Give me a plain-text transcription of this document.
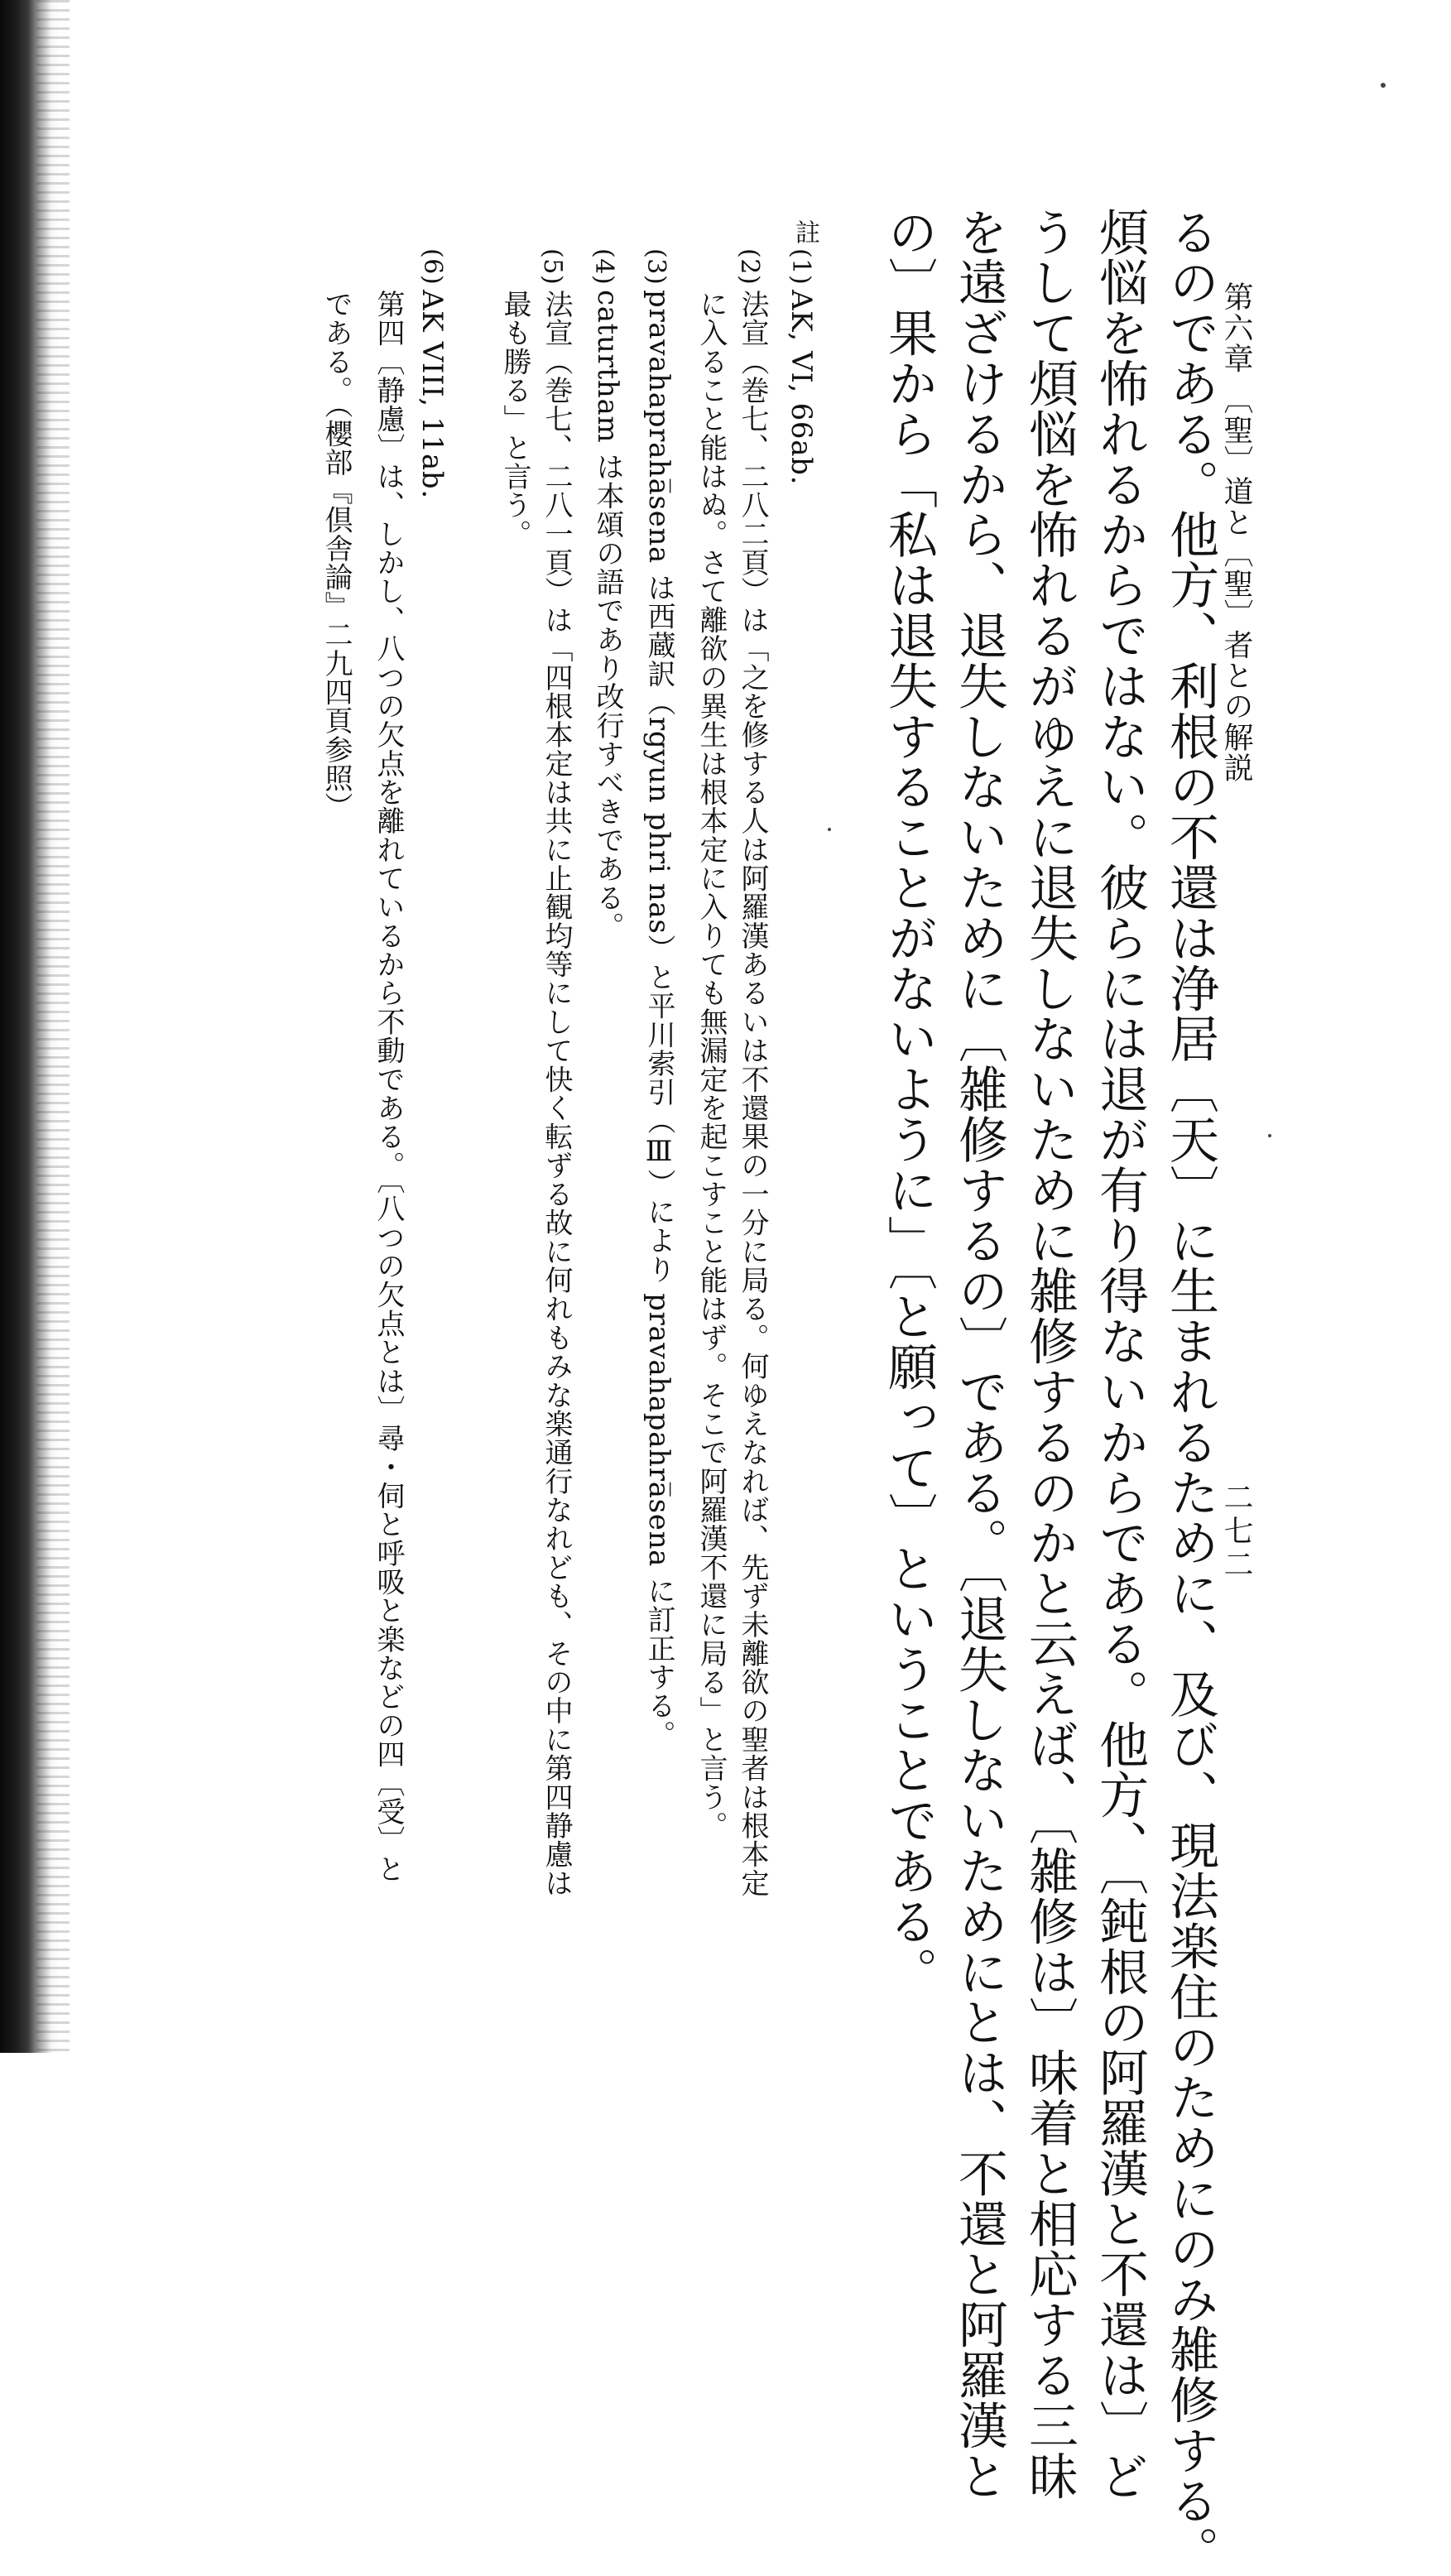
第六章 〔聖〕道と〔聖〕者との解説
二七二
るのである。他方、利根の不還は浄居〔天〕に生まれるために、及び、現法楽住のためにのみ雑修する。
煩悩を怖れるからではない。彼らには退が有り得ないからである。他方、〔鈍根の阿羅漢と不還は〕ど
うして煩悩を怖れるがゆえに退失しないために雑修するのかと云えば、〔雑修は〕味着と相応する三昧
を遠ざけるから、退失しないために〔雑修するの〕である。〔退失しないためにとは、不還と阿羅漢と
の〕果から「私は退失することがないように」〔と願って〕ということである。
註
(1)
AK, VI, 66ab.
(2)
法宣（巻七、二八二頁）は「之を修する人は阿羅漢あるいは不還果の一分に局る。何ゆえなれば、先ず未離欲の聖者は根本定
に入ること能はぬ。さて離欲の異生は根本定に入りても無漏定を起こすこと能はず。そこで阿羅漢不還に局る」と言う。
(3)
pravahapraha̅sena は西蔵訳（rgyun phri nas）と平川索引（Ⅲ）により pravahapahra̅sena に訂正する。
(4)
caturtham は本頌の語であり改行すべきである。
(5)
法宣（巻七、二八一頁）は「四根本定は共に止観均等にして快く転ずる故に何れもみな楽通行なれども、その中に第四静慮は
最も勝る」と言う。
(6)
AK VIII, 11ab.
第四〔静慮〕は、しかし、八つの欠点を離れているから不動である。〔八つの欠点とは〕尋・伺と呼吸と楽などの四〔受〕と
である。（櫻部『倶舎論』二九四頁参照）
